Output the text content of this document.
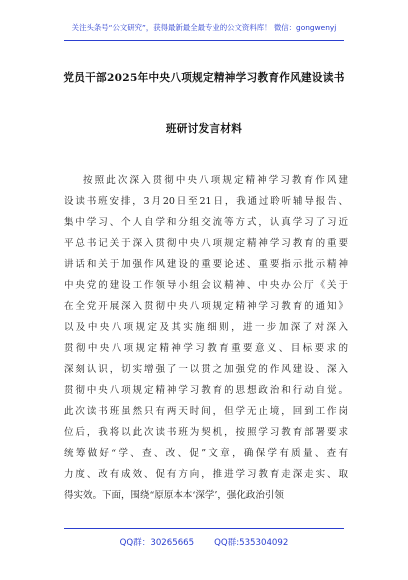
关注头条号“公文研究”，获得最新最全最专业的公文资料库！ 微信：gongwenyj
党员干部2025年中央八项规定精神学习教育作风建设读书
班研讨发言材料
按照此次深入贯彻中央八项规定精神学习教育作风建
设读书班安排，3月20日至21日，我通过聆听辅导报告、
集中学习、个人自学和分组交流等方式，认真学习了习近
平总书记关于深入贯彻中央八项规定精神学习教育的重要
讲话和关于加强作风建设的重要论述、重要指示批示精神
中央党的建设工作领导小组会议精神、中央办公厅《关于
在全党开展深入贯彻中央八项规定精神学习教育的通知》
以及中央八项规定及其实施细则，进一步加深了对深入
贯彻中央八项规定精神学习教育重要意义、目标要求的
深刻认识，切实增强了一以贯之加强党的作风建设、深入
贯彻中央八项规定精神学习教育的思想政治和行动自觉。
此次读书班虽然只有两天时间，但学无止境，回到工作岗
位后，我将以此次读书班为契机，按照学习教育部署要求
统筹做好“学、查、改、促”文章，确保学有质量、查有
力度、改有成效、促有方向，推进学习教育走深走实、取
得实效。下面，围绕“原原本本‘深学’，强化政治引领
QQ群：30265665 QQ群:535304092
